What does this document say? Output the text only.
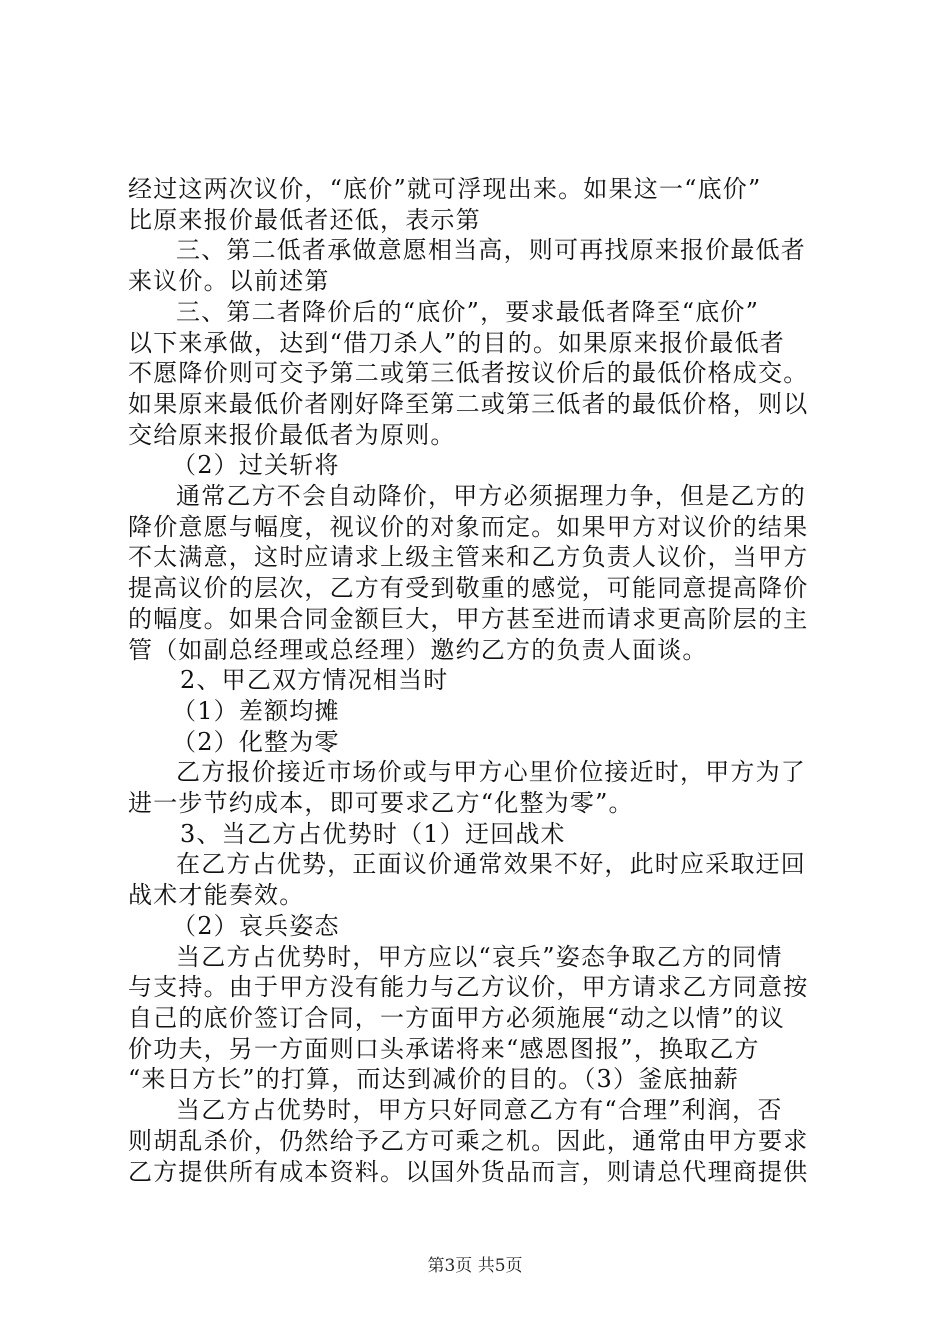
经过这两次议价，“底价”就可浮现出来。如果这一“底价”
比原来报价最低者还低，表示第
三、第二低者承做意愿相当高，则可再找原来报价最低者
来议价。以前述第
三、第二者降价后的“底价”，要求最低者降至“底价”
以下来承做，达到“借刀杀人”的目的。如果原来报价最低者
不愿降价则可交予第二或第三低者按议价后的最低价格成交。
如果原来最低价者刚好降至第二或第三低者的最低价格，则以
交给原来报价最低者为原则。
（2）过关斩将
通常乙方不会自动降价，甲方必须据理力争，但是乙方的
降价意愿与幅度，视议价的对象而定。如果甲方对议价的结果
不太满意，这时应请求上级主管来和乙方负责人议价，当甲方
提高议价的层次，乙方有受到敬重的感觉，可能同意提高降价
的幅度。如果合同金额巨大，甲方甚至进而请求更高阶层的主
管（如副总经理或总经理）邀约乙方的负责人面谈。
2、甲乙双方情况相当时
（1）差额均摊
（2）化整为零
乙方报价接近市场价或与甲方心里价位接近时，甲方为了
进一步节约成本，即可要求乙方“化整为零”。
3、当乙方占优势时（1）迂回战术
在乙方占优势，正面议价通常效果不好，此时应采取迂回
战术才能奏效。
（2）哀兵姿态
当乙方占优势时，甲方应以“哀兵”姿态争取乙方的同情
与支持。由于甲方没有能力与乙方议价，甲方请求乙方同意按
自己的底价签订合同，一方面甲方必须施展“动之以情”的议
价功夫，另一方面则口头承诺将来“感恩图报”，换取乙方
“来日方长”的打算，而达到减价的目的。（3）釜底抽薪
当乙方占优势时，甲方只好同意乙方有“合理”利润，否
则胡乱杀价，仍然给予乙方可乘之机。因此，通常由甲方要求
乙方提供所有成本资料。以国外货品而言，则请总代理商提供
第3页 共5页
